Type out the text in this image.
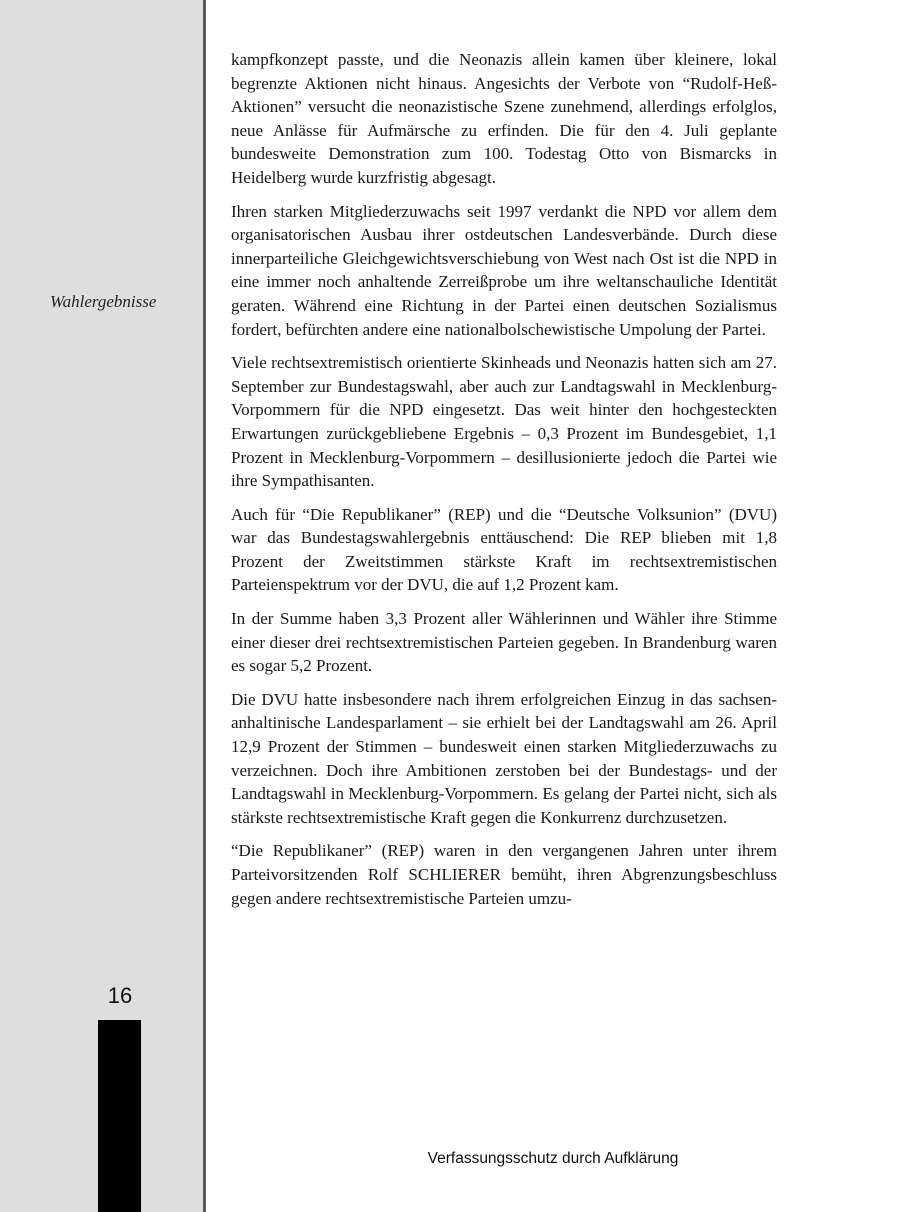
Wahlergebnisse
16

kampfkonzept passte, und die Neonazis allein kamen über kleinere, lokal begrenzte Aktionen nicht hinaus. Angesichts der Verbote von “Rudolf-Heß-Aktionen” versucht die neonazistische Szene zunehmend, allerdings erfolglos, neue Anlässe für Aufmärsche zu erfinden. Die für den 4. Juli geplante bundesweite Demonstration zum 100. Todestag Otto von Bismarcks in Heidelberg wurde kurzfristig abgesagt.

Ihren starken Mitgliederzuwachs seit 1997 verdankt die NPD vor allem dem organisatorischen Ausbau ihrer ostdeutschen Landesverbände. Durch diese innerparteiliche Gleichgewichtsverschiebung von West nach Ost ist die NPD in eine immer noch anhaltende Zerreißprobe um ihre weltanschauliche Identität geraten. Während eine Richtung in der Partei einen deutschen Sozialismus fordert, befürchten andere eine nationalbolschewistische Umpolung der Partei.

Viele rechtsextremistisch orientierte Skinheads und Neonazis hatten sich am 27. September zur Bundestagswahl, aber auch zur Landtagswahl in Mecklenburg-Vorpommern für die NPD eingesetzt. Das weit hinter den hochgesteckten Erwartungen zurückgebliebene Ergebnis – 0,3 Prozent im Bundesgebiet, 1,1 Prozent in Mecklenburg-Vorpommern – desillusionierte jedoch die Partei wie ihre Sympathisanten.

Auch für “Die Republikaner” (REP) und die “Deutsche Volksunion” (DVU) war das Bundestagswahlergebnis enttäuschend: Die REP blieben mit 1,8 Prozent der Zweitstimmen stärkste Kraft im rechtsextremistischen Parteienspektrum vor der DVU, die auf 1,2 Prozent kam.

In der Summe haben 3,3 Prozent aller Wählerinnen und Wähler ihre Stimme einer dieser drei rechtsextremistischen Parteien gegeben. In Brandenburg waren es sogar 5,2 Prozent.

Die DVU hatte insbesondere nach ihrem erfolgreichen Einzug in das sachsen-anhaltinische Landesparlament – sie erhielt bei der Landtagswahl am 26. April 12,9 Prozent der Stimmen – bundesweit einen starken Mitgliederzuwachs zu verzeichnen. Doch ihre Ambitionen zerstoben bei der Bundestags- und der Landtagswahl in Mecklenburg-Vorpommern. Es gelang der Partei nicht, sich als stärkste rechtsextremistische Kraft gegen die Konkurrenz durchzusetzen.

“Die Republikaner” (REP) waren in den vergangenen Jahren unter ihrem Parteivorsitzenden Rolf SCHLIERER bemüht, ihren Abgrenzungsbeschluss gegen andere rechtsextremistische Parteien umzu-

Verfassungsschutz durch Aufklärung
